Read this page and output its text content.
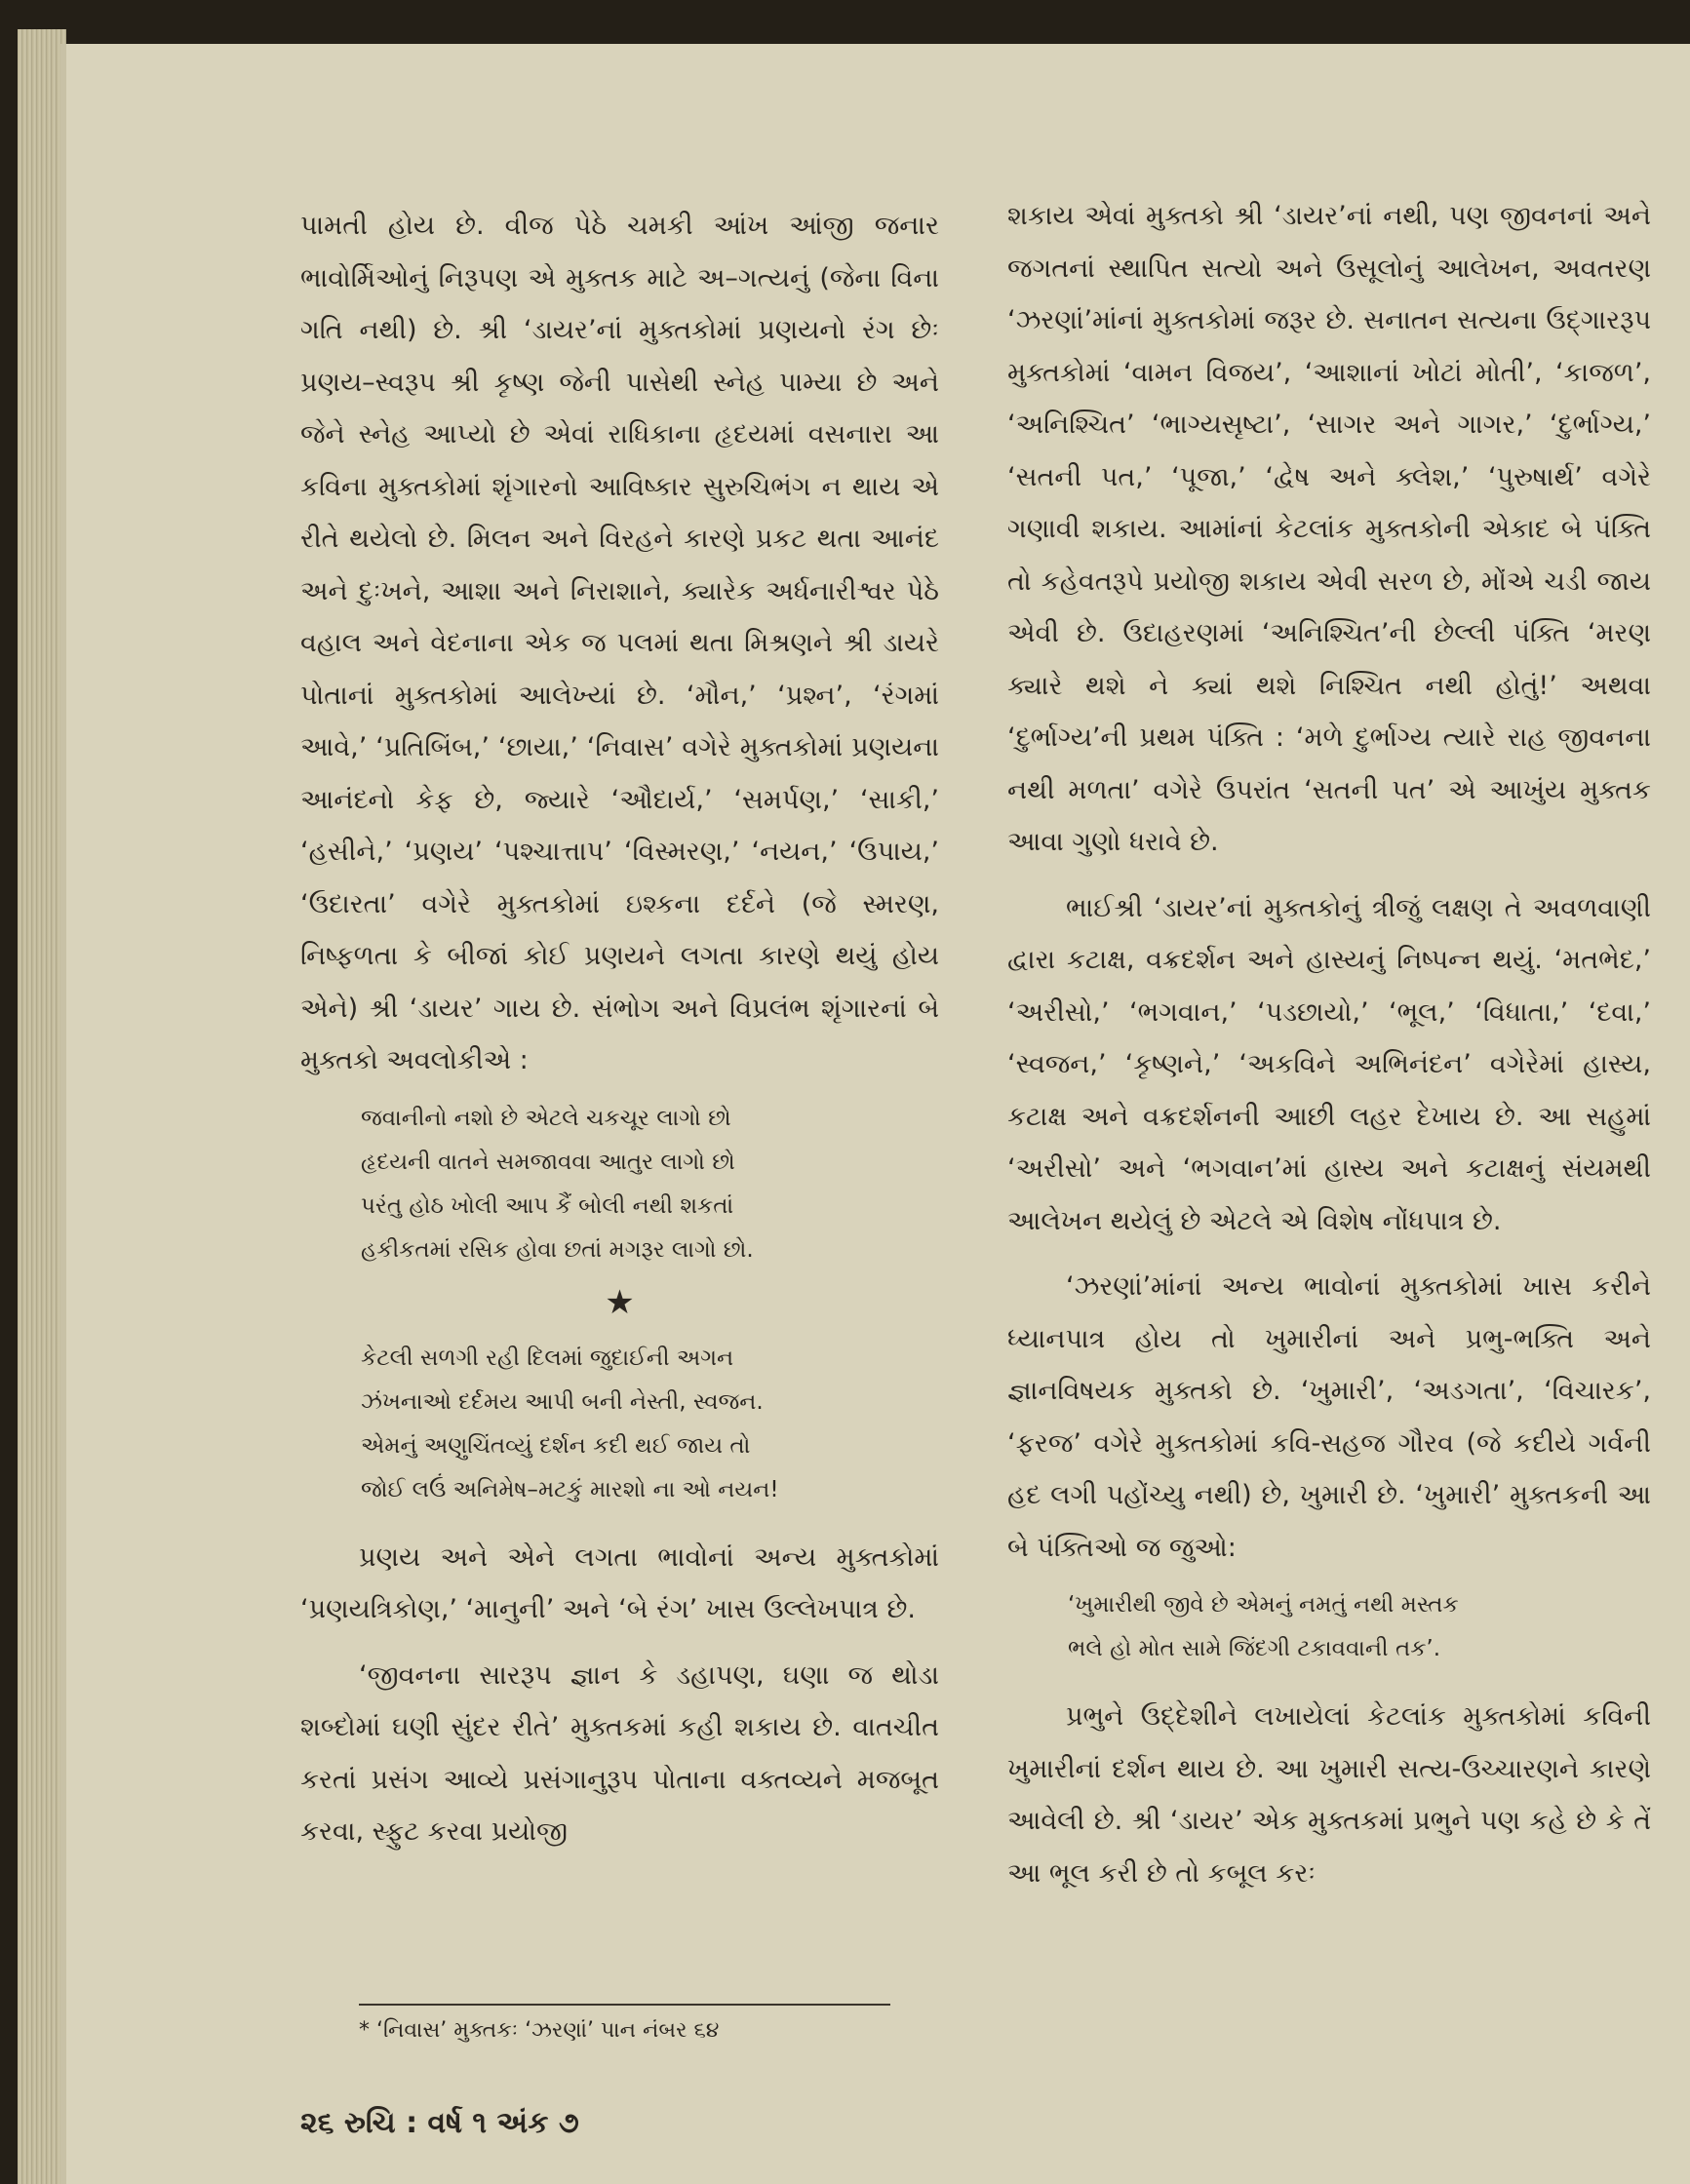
પામતી હોય છે. વીજ પેઠે ચમકી આંખ આંજી જનાર ભાવોર્મિઓનું નિરૂપણ એ મુક્તક માટે અ–ગત્યનું (જેના વિના ગતિ નથી) છે. શ્રી ‘ડાયર’નાં મુક્તકોમાં પ્રણયનો રંગ છેઃ પ્રણય–સ્વરૂપ શ્રી કૃષ્ણ જેની પાસેથી સ્નેહ પામ્યા છે અને જેને સ્નેહ આપ્યો છે એવાં રાધિકાના હૃદયમાં વસનારા આ કવિના મુક્તકોમાં શૃંગારનો આવિષ્કાર સુરુચિભંગ ન થાય એ રીતે થયેલો છે. મિલન અને વિરહને કારણે પ્રકટ થતા આનંદ અને દુઃખને, આશા અને નિરાશાને, ક્યારેક અર્ધનારીશ્વર પેઠે વહાલ અને વેદનાના એક જ પલમાં થતા મિશ્રણને શ્રી ડાયરે પોતાનાં મુક્તકોમાં આલેખ્યાં છે. ‘મૌન,’ ‘પ્રશ્ન’, ‘રંગમાં આવે,’ ‘પ્રતિબિંબ,’ ‘છાયા,’ ‘નિવાસ’ વગેરે મુક્તકોમાં પ્રણયના આનંદનો કેફ છે, જ્યારે ‘ઔદાર્ય,’ ‘સમર્પણ,’ ‘સાકી,’ ‘હસીને,’ ‘પ્રણય’ ‘પશ્ચાત્તાપ’ ‘વિસ્મરણ,’ ‘નયન,’ ‘ઉપાય,’ ‘ઉદારતા’ વગેરે મુક્તકોમાં ઇશ્કના દર્દને (જે સ્મરણ, નિષ્ફળતા કે બીજાં કોઈ પ્રણયને લગતા કારણે થયું હોય એને) શ્રી ‘ડાયર’ ગાય છે. સંભોગ અને વિપ્રલંભ શૃંગારનાં બે મુક્તકો અવલોકીએ :

જવાનીનો નશો છે એટલે ચકચૂર લાગો છો
હૃદયની વાતને સમજાવવા આતુર લાગો છો
પરંતુ હોઠ ખોલી આપ કૈં બોલી નથી શકતાં
હકીકતમાં રસિક હોવા છતાં મગરૂર લાગો છો.
★
કેટલી સળગી રહી દિલમાં જુદાઈની અગન
ઝંખનાઓ દર્દમય આપી બની નેસ્તી, સ્વજન.
એમનું અણુચિંતવ્યું દર્શન કદી થઈ જાય તો
જોઈ લઉં અનિમેષ–મટકું મારશો ના ઓ નયન!

પ્રણય અને એને લગતા ભાવોનાં અન્ય મુક્તકોમાં ‘પ્રણયત્રિકોણ,’ ‘માનુની’ અને ‘બે રંગ’ ખાસ ઉલ્લેખપાત્ર છે.

‘જીવનના સારરૂપ જ્ઞાન કે ડહાપણ, ઘણા જ થોડા શબ્દોમાં ઘણી સુંદર રીતે’ મુક્તકમાં કહી શકાય છે. વાતચીત કરતાં પ્રસંગ આવ્યે પ્રસંગાનુરૂપ પોતાના વક્તવ્યને મજબૂત કરવા, સ્ફુટ કરવા પ્રયોજી

શકાય એવાં મુક્તકો શ્રી ‘ડાયર’નાં નથી, પણ જીવનનાં અને જગતનાં સ્થાપિત સત્યો અને ઉસૂલોનું આલેખન, અવતરણ ‘ઝરણાં’માંનાં મુક્તકોમાં જરૂર છે. સનાતન સત્યના ઉદ્‌ગારરૂપ મુક્તકોમાં ‘વામન વિજય’, ‘આશાનાં ખોટાં મોતી’, ‘કાજળ’, ‘અનિશ્ચિત’ ‘ભાગ્યસૃષ્ટા’, ‘સાગર અને ગાગર,’ ‘દુર્ભાગ્ય,’ ‘સતની પત,’ ‘પૂજા,’ ‘દ્વેષ અને ક્લેશ,’ ‘પુરુષાર્થ’ વગેરે ગણાવી શકાય. આમાંનાં કેટલાંક મુક્તકોની એકાદ બે પંક્તિ તો કહેવતરૂપે પ્રયોજી શકાય એવી સરળ છે, મોંએ ચડી જાય એવી છે. ઉદાહરણમાં ‘અનિશ્ચિત’ની છેલ્લી પંક્તિ ‘મરણ ક્યારે થશે ને ક્યાં થશે નિશ્ચિત નથી હોતું!’ અથવા ‘દુર્ભાગ્ય’ની પ્રથમ પંક્તિ : ‘મળે દુર્ભાગ્ય ત્યારે રાહ જીવનના નથી મળતા’ વગેરે ઉપરાંત ‘સતની પત’ એ આખુંય મુક્તક આવા ગુણો ધરાવે છે.

ભાઈશ્રી ‘ડાયર’નાં મુક્તકોનું ત્રીજું લક્ષણ તે અવળવાણી દ્વારા કટાક્ષ, વક્રદર્શન અને હાસ્યનું નિષ્પન્ન થયું. ‘મતભેદ,’ ‘અરીસો,’ ‘ભગવાન,’ ‘પડછાયો,’ ‘ભૂલ,’ ‘વિધાતા,’ ‘દવા,’ ‘સ્વજન,’ ‘કૃષ્ણને,’ ‘અકવિને અભિનંદન’ વગેરેમાં હાસ્ય, કટાક્ષ અને વક્રદર્શનની આછી લહર દેખાય છે. આ સહુમાં ‘અરીસો’ અને ‘ભગવાન’માં હાસ્ય અને કટાક્ષનું સંયમથી આલેખન થયેલું છે એટલે એ વિશેષ નોંધપાત્ર છે.

‘ઝરણાં’માંનાં અન્ય ભાવોનાં મુક્તકોમાં ખાસ કરીને ધ્યાનપાત્ર હોય તો ખુમારીનાં અને પ્રભુ-ભક્તિ અને જ્ઞાનવિષયક મુક્તકો છે. ‘ખુમારી’, ‘અડગતા’, ‘વિચારક’, ‘ફરજ’ વગેરે મુક્તકોમાં કવિ-સહજ ગૌરવ (જે કદીયે ગર્વની હદ લગી પહોંચ્યુ નથી) છે, ખુમારી છે. ‘ખુમારી’ મુક્તકની આ બે પંક્તિઓ જ જુઓ:

‘ખુમારીથી જીવે છે એમનું નમતું નથી મસ્તક
ભલે હો મોત સામે જિંદગી ટકાવવાની તક’.

પ્રભુને ઉદ્દેશીને લખાયેલાં કેટલાંક મુક્તકોમાં કવિની ખુમારીનાં દર્શન થાય છે. આ ખુમારી સત્ય-ઉચ્ચારણને કારણે આવેલી છે. શ્રી ‘ડાયર’ એક મુક્તકમાં પ્રભુને પણ કહે છે કે તેં આ ભૂલ કરી છે તો કબૂલ કરઃ

* ‘નિવાસ’ મુક્તકઃ ‘ઝરણાં’ પાન નંબર ૬૪
૨૬ રુચિ : વર્ષ ૧ અંક ૭
